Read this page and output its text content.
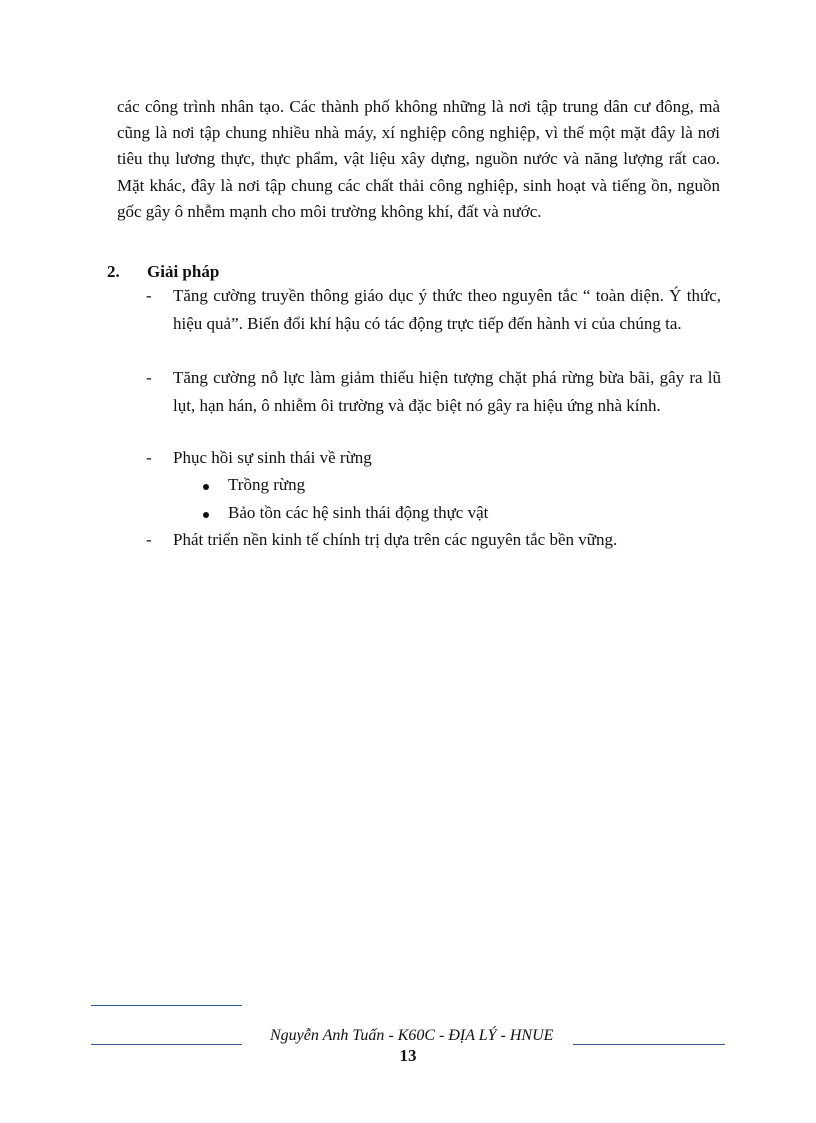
các công trình nhân tạo. Các thành phố không những là nơi tập trung dân cư đông, mà cũng là nơi tập chung nhiều nhà máy, xí nghiệp công nghiệp, vì thế một mặt đây là nơi tiêu thụ lương thực, thực phẩm, vật liệu xây dựng, nguồn nước và năng lượng rất cao. Mặt khác, đây là nơi tập chung các chất thải công nghiệp, sinh hoạt và tiếng ồn, nguồn gốc gây ô nhễm mạnh cho môi trường không khí, đất và nước.

2. Giải pháp
- Tăng cường truyền thông giáo dục ý thức theo nguyên tắc “ toàn diện. Ý thức, hiệu quả”. Biến đổi khí hậu có tác động trực tiếp đến hành vi của chúng ta.
- Tăng cường nỗ lực làm giảm thiểu hiện tượng chặt phá rừng bừa bãi, gây ra lũ lụt, hạn hán, ô nhiễm ôi trường và đặc biệt nó gây ra hiệu ứng nhà kính.
- Phục hồi sự sinh thái về rừng
Trồng rừng
Bảo tồn các hệ sinh thái động thực vật
- Phát triển nền kinh tế chính trị dựa trên các nguyên tắc bền vững.
Nguyễn Anh Tuấn - K60C - ĐỊA LÝ - HNUE
13
